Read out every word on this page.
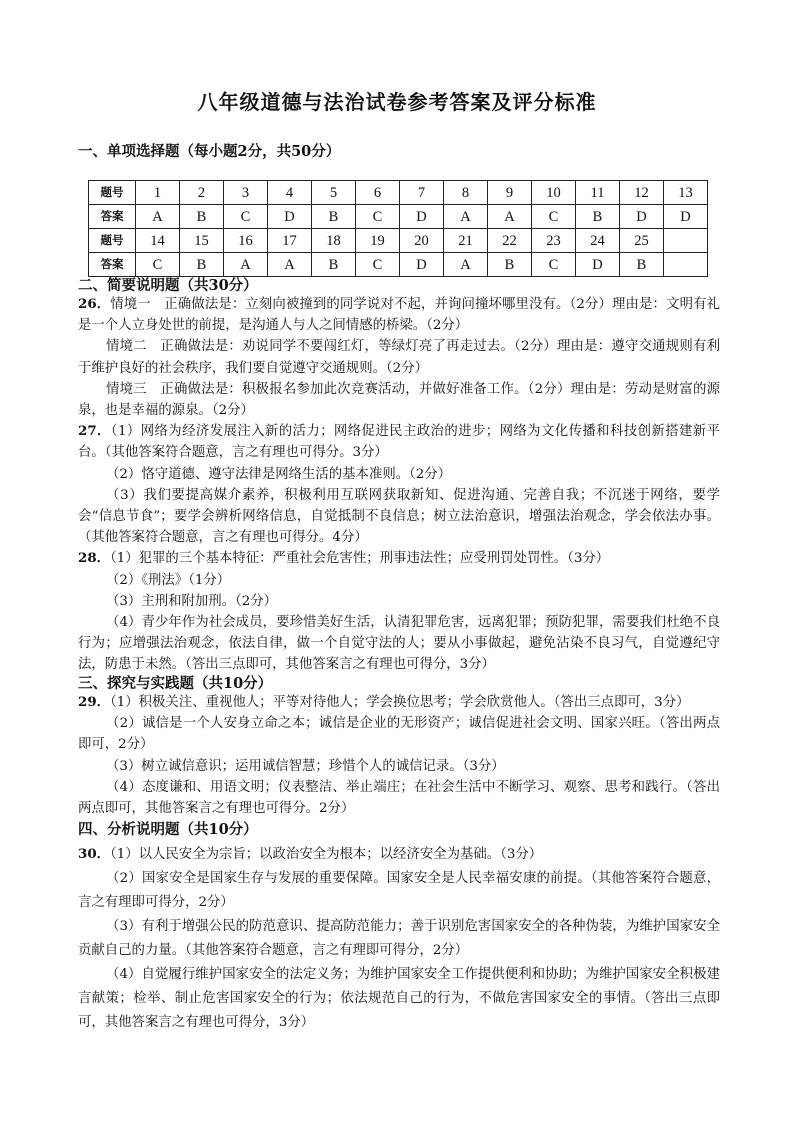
八年级道德与法治试卷参考答案及评分标准
一、单项选择题（每小题2分，共50分）
题号	1	2	3	4	5	6	7	8	9	10	11	12	13
答案	A	B	C	D	B	C	D	A	A	C	B	D	D
题号	14	15	16	17	18	19	20	21	22	23	24	25	
答案	C	B	A	A	B	C	D	A	B	C	D	B	
二、简要说明题（共30分）

26．情境一　正确做法是：立刻向被撞到的同学说对不起，并询问撞坏哪里没有。（2分）理由是：文明有礼是一个人立身处世的前提，是沟通人与人之间情感的桥梁。（2分）

情境二　正确做法是：劝说同学不要闯红灯，等绿灯亮了再走过去。（2分）理由是：遵守交通规则有利于维护良好的社会秩序，我们要自觉遵守交通规则。（2分）

情境三　正确做法是：积极报名参加此次竞赛活动，并做好准备工作。（2分）理由是：劳动是财富的源泉，也是幸福的源泉。（2分）

27．（1）网络为经济发展注入新的活力；网络促进民主政治的进步；网络为文化传播和科技创新搭建新平台。（其他答案符合题意，言之有理也可得分。3分）

（2）恪守道德、遵守法律是网络生活的基本准则。（2分）

（3）我们要提高媒介素养，积极利用互联网获取新知、促进沟通、完善自我；不沉迷于网络，要学会“信息节食”；要学会辨析网络信息，自觉抵制不良信息；树立法治意识，增强法治观念，学会依法办事。（其他答案符合题意，言之有理也可得分。4分）

28．（1）犯罪的三个基本特征：严重社会危害性；刑事违法性；应受刑罚处罚性。（3分）

（2）《刑法》（1分）

（3）主刑和附加刑。（2分）

（4）青少年作为社会成员，要珍惜美好生活，认清犯罪危害，远离犯罪；预防犯罪，需要我们杜绝不良行为；应增强法治观念，依法自律，做一个自觉守法的人；要从小事做起，避免沾染不良习气，自觉遵纪守法，防患于未然。（答出三点即可，其他答案言之有理也可得分，3分）

三、探究与实践题（共10分）

29．（1）积极关注、重视他人；平等对待他人；学会换位思考；学会欣赏他人。（答出三点即可，3分）

（2）诚信是一个人安身立命之本；诚信是企业的无形资产；诚信促进社会文明、国家兴旺。（答出两点即可，2分）

（3）树立诚信意识；运用诚信智慧；珍惜个人的诚信记录。（3分）

（4）态度谦和、用语文明；仪表整洁、举止端庄；在社会生活中不断学习、观察、思考和践行。（答出两点即可，其他答案言之有理也可得分。2分）

四、分析说明题（共10分）

30．（1）以人民安全为宗旨；以政治安全为根本；以经济安全为基础。（3分）

（2）国家安全是国家生存与发展的重要保障。国家安全是人民幸福安康的前提。（其他答案符合题意，言之有理即可得分，2分）

（3）有利于增强公民的防范意识、提高防范能力；善于识别危害国家安全的各种伪装，为维护国家安全贡献自己的力量。（其他答案符合题意，言之有理即可得分，2分）

（4）自觉履行维护国家安全的法定义务；为维护国家安全工作提供便利和协助；为维护国家安全积极建言献策；检举、制止危害国家安全的行为；依法规范自己的行为，不做危害国家安全的事情。（答出三点即可，其他答案言之有理也可得分，3分）
